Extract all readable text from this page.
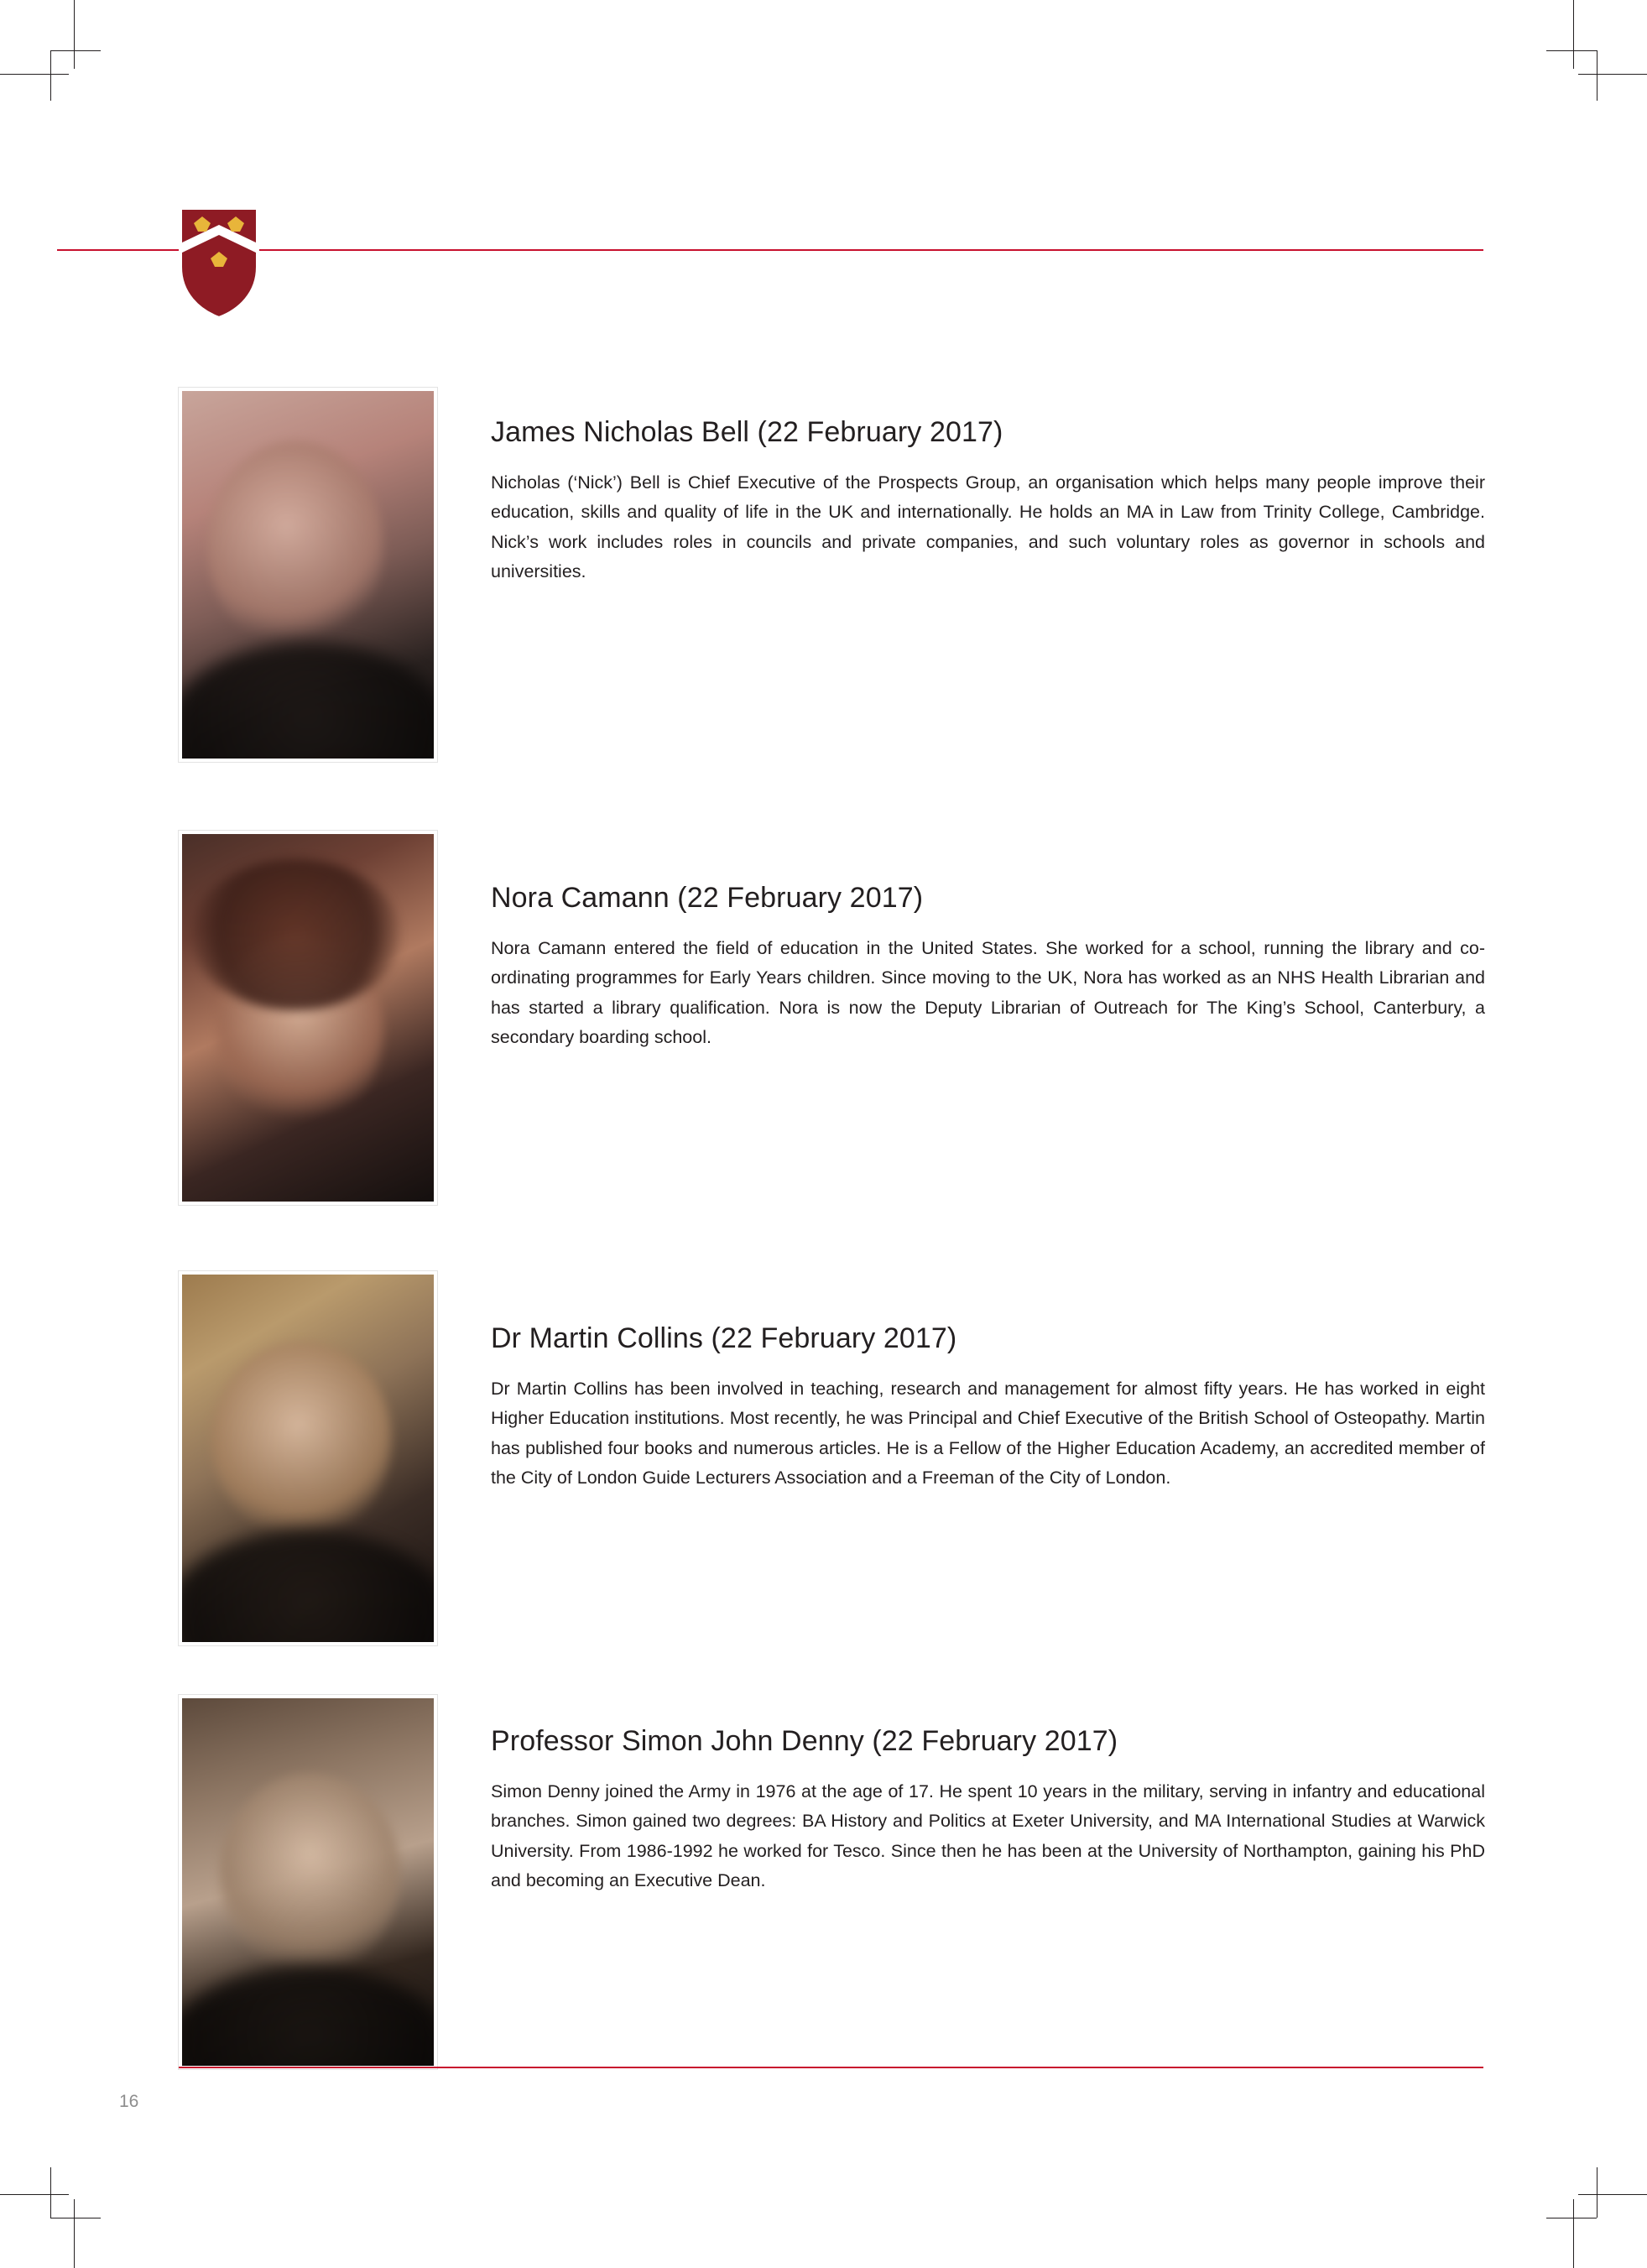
James Nicholas Bell (22 February 2017)

Nicholas (‘Nick’) Bell is Chief Executive of the Prospects Group, an organisation which helps many people improve their education, skills and quality of life in the UK and internationally. He holds an MA in Law from Trinity College, Cambridge. Nick’s work includes roles in councils and private companies, and such voluntary roles as governor in schools and universities.

Nora Camann (22 February 2017)

Nora Camann entered the field of education in the United States. She worked for a school, running the library and co-ordinating programmes for Early Years children. Since moving to the UK, Nora has worked as an NHS Health Librarian and has started a library qualification. Nora is now the Deputy Librarian of Outreach for The King’s School, Canterbury, a secondary boarding school.

Dr Martin Collins (22 February 2017)

Dr Martin Collins has been involved in teaching, research and management for almost fifty years. He has worked in eight Higher Education institutions. Most recently, he was Principal and Chief Executive of the British School of Osteopathy. Martin has published four books and numerous articles. He is a Fellow of the Higher Education Academy, an accredited member of the City of London Guide Lecturers Association and a Freeman of the City of London.

Professor Simon John Denny (22 February 2017)

Simon Denny joined the Army in 1976 at the age of 17. He spent 10 years in the military, serving in infantry and educational branches. Simon gained two degrees: BA History and Politics at Exeter University, and MA International Studies at Warwick University. From 1986-1992 he worked for Tesco. Since then he has been at the University of Northampton, gaining his PhD and becoming an Executive Dean.

16
